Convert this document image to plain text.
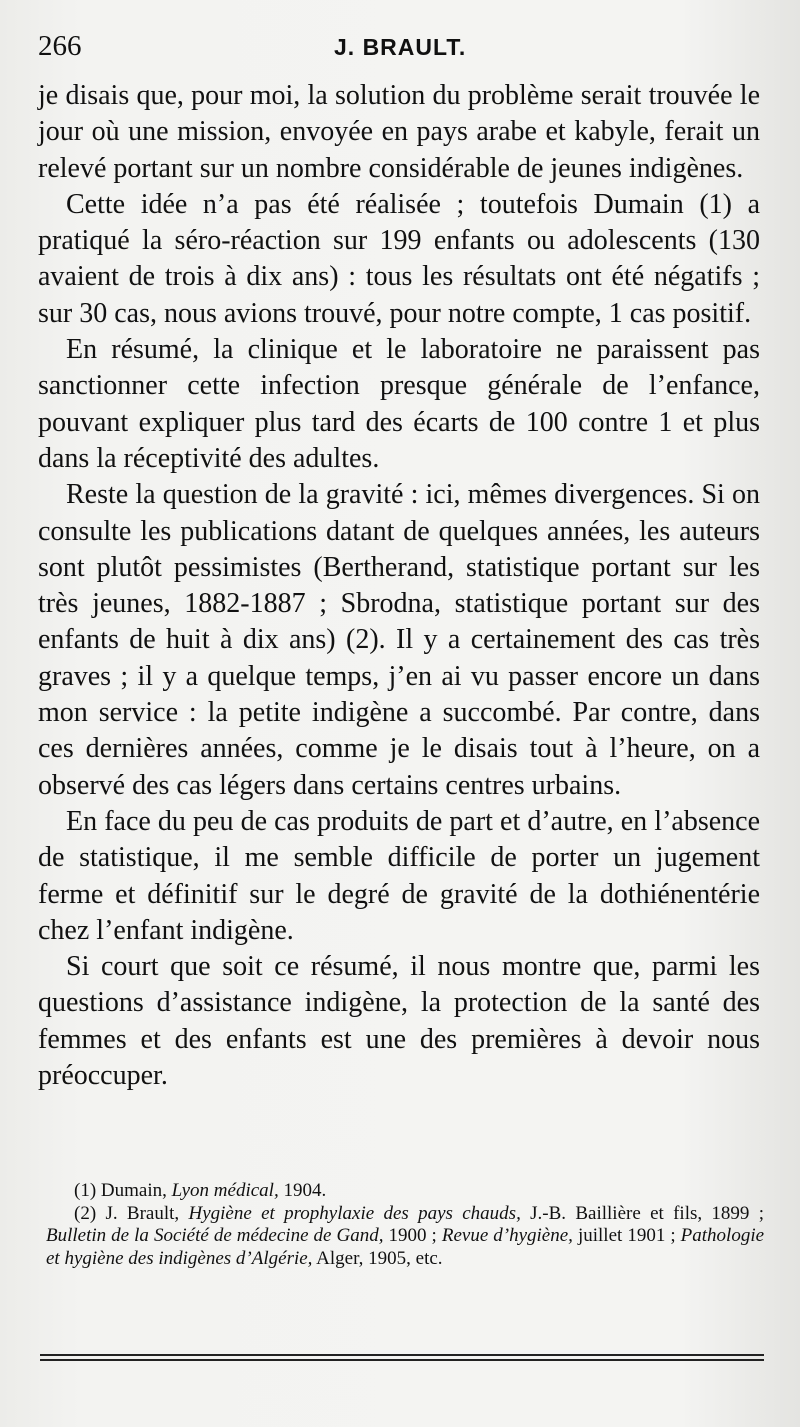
266	J. BRAULT.

je disais que, pour moi, la solution du problème serait trouvée le jour où une mission, envoyée en pays arabe et kabyle, ferait un relevé portant sur un nombre considérable de jeunes indigènes.

Cette idée n’a pas été réalisée ; toutefois Dumain (1) a pratiqué la séro-réaction sur 199 enfants ou adolescents (130 avaient de trois à dix ans) : tous les résultats ont été négatifs ; sur 30 cas, nous avions trouvé, pour notre compte, 1 cas positif.

En résumé, la clinique et le laboratoire ne paraissent pas sanctionner cette infection presque générale de l’enfance, pouvant expliquer plus tard des écarts de 100 contre 1 et plus dans la réceptivité des adultes.

Reste la question de la gravité : ici, mêmes divergences. Si on consulte les publications datant de quelques années, les auteurs sont plutôt pessimistes (Bertherand, statistique portant sur les très jeunes, 1882-1887 ; Sbrodna, statistique portant sur des enfants de huit à dix ans) (2). Il y a certainement des cas très graves ; il y a quelque temps, j’en ai vu passer encore un dans mon service : la petite indigène a succombé. Par contre, dans ces dernières années, comme je le disais tout à l’heure, on a observé des cas légers dans certains centres urbains.

En face du peu de cas produits de part et d’autre, en l’absence de statistique, il me semble difficile de porter un jugement ferme et définitif sur le degré de gravité de la dothiénentérie chez l’enfant indigène.

Si court que soit ce résumé, il nous montre que, parmi les questions d’assistance indigène, la protection de la santé des femmes et des enfants est une des premières à devoir nous préoccuper.

(1) Dumain, Lyon médical, 1904.

(2) J. Brault, Hygiène et prophylaxie des pays chauds, J.-B. Baillière et fils, 1899 ; Bulletin de la Société de médecine de Gand, 1900 ; Revue d’hygiène, juillet 1901 ; Pathologie et hygiène des indigènes d’Algérie, Alger, 1905, etc.
